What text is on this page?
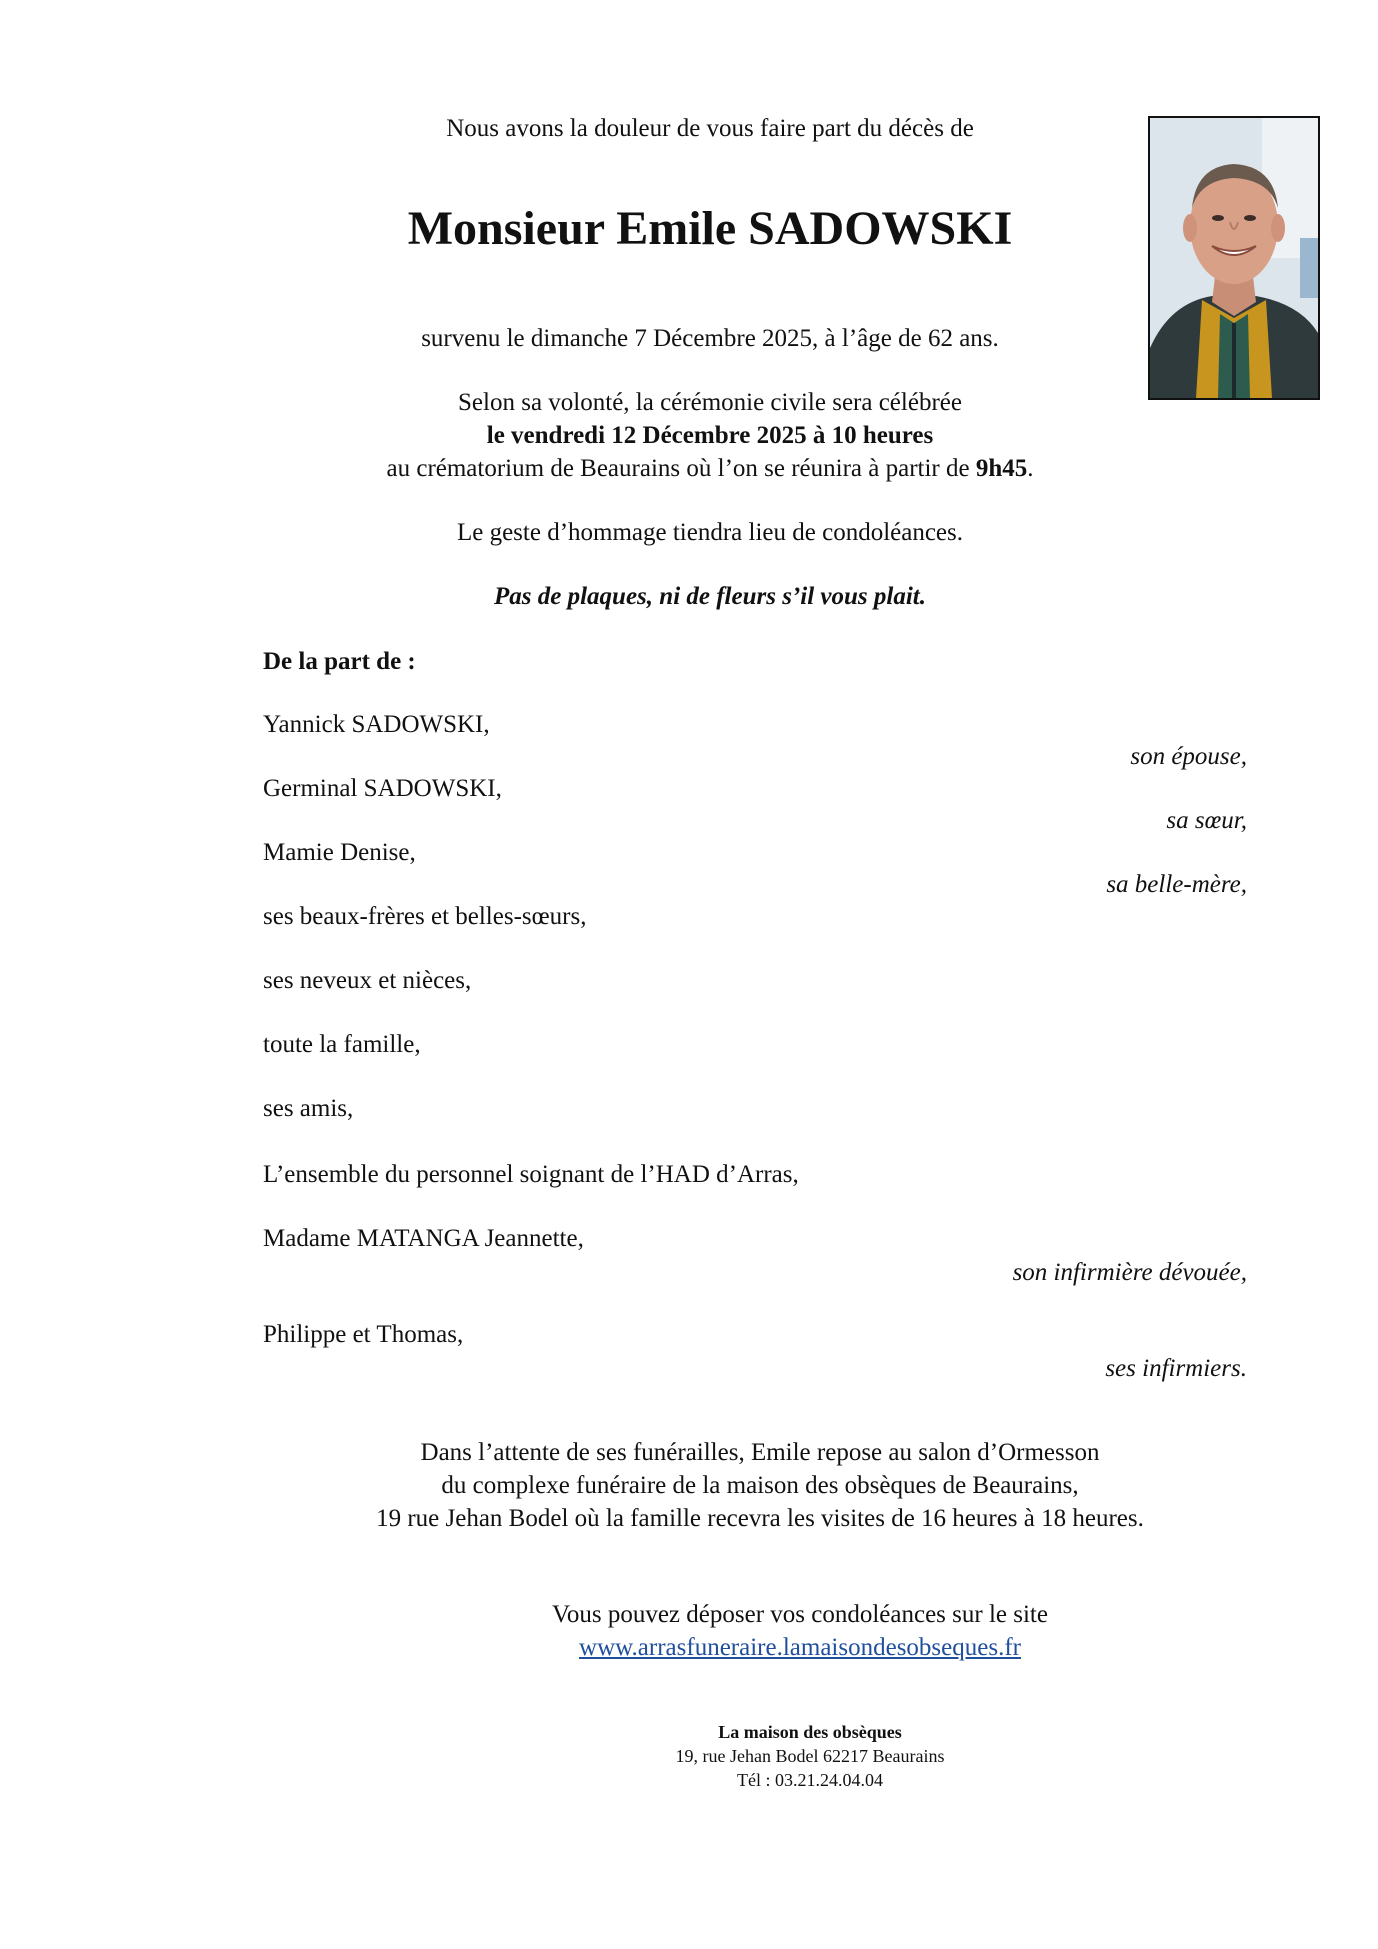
Nous avons la douleur de vous faire part du décès de
Monsieur Emile SADOWSKI
survenu le dimanche 7 Décembre 2025, à l’âge de 62 ans.
Selon sa volonté, la cérémonie civile sera célébrée
le vendredi 12 Décembre 2025 à 10 heures
au crématorium de Beaurains où l’on se réunira à partir de 9h45.
Le geste d’hommage tiendra lieu de condoléances.
Pas de plaques, ni de fleurs s’il vous plait.
De la part de :
Yannick SADOWSKI,
son épouse,
Germinal SADOWSKI,
sa sœur,
Mamie Denise,
sa belle-mère,
ses beaux-frères et belles-sœurs,
ses neveux et nièces,
toute la famille,
ses amis,
L’ensemble du personnel soignant de l’HAD d’Arras,
Madame MATANGA Jeannette,
son infirmière dévouée,
Philippe et Thomas,
ses infirmiers.
Dans l’attente de ses funérailles, Emile repose au salon d’Ormesson
du complexe funéraire de la maison des obsèques de Beaurains,
19 rue Jehan Bodel où la famille recevra les visites de 16 heures à 18 heures.
Vous pouvez déposer vos condoléances sur le site
www.arrasfuneraire.lamaisondesobseques.fr
La maison des obsèques
19, rue Jehan Bodel 62217 Beaurains
Tél : 03.21.24.04.04
